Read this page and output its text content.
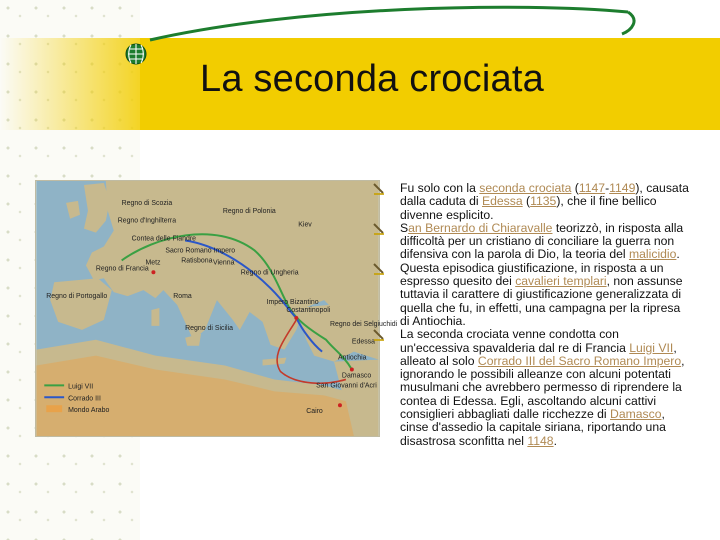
La seconda crociata
Regno di Scozia
Regno d'Inghilterra
Regno di Francia
Contea delle Fiandre
Sacro Romano Impero
Regno di Polonia
Regno di Ungheria
Regno di Sicilia
Impero Bizantino
Regno dei Selgiuchidi
Regno di Portogallo
Costantinopoli
Antiochia
San Giovanni d'Acri
Damasco
Metz	Ratisbona Vienna
Roma
Kiev
Edessa
Cairo
Luigi VII
Corrado III
Mondo Arabo
Fu solo con la seconda crociata (1147-1149), causata dalla caduta di Edessa (1135), che il fine bellico divenne esplicito.
San Bernardo di Chiaravalle teorizzò, in risposta alla difficoltà per un cristiano di conciliare la guerra non difensiva con la parola di Dio, la teoria del malicidio.
Questa episodica giustificazione, in risposta a un espresso quesito dei cavalieri templari, non assunse tuttavia il carattere di giustificazione generalizzata di quella che fu, in effetti, una campagna per la ripresa di Antiochia.
La seconda crociata venne condotta con un'eccessiva spavalderia dal re di Francia Luigi VII, alleato al solo Corrado III del Sacro Romano Impero, ignorando le possibili alleanze con alcuni potentati musulmani che avrebbero permesso di riprendere la contea di Edessa. Egli, ascoltando alcuni cattivi consiglieri abbagliati dalle ricchezze di Damasco, cinse d'assedio la capitale siriana, riportando una disastrosa sconfitta nel 1148.
